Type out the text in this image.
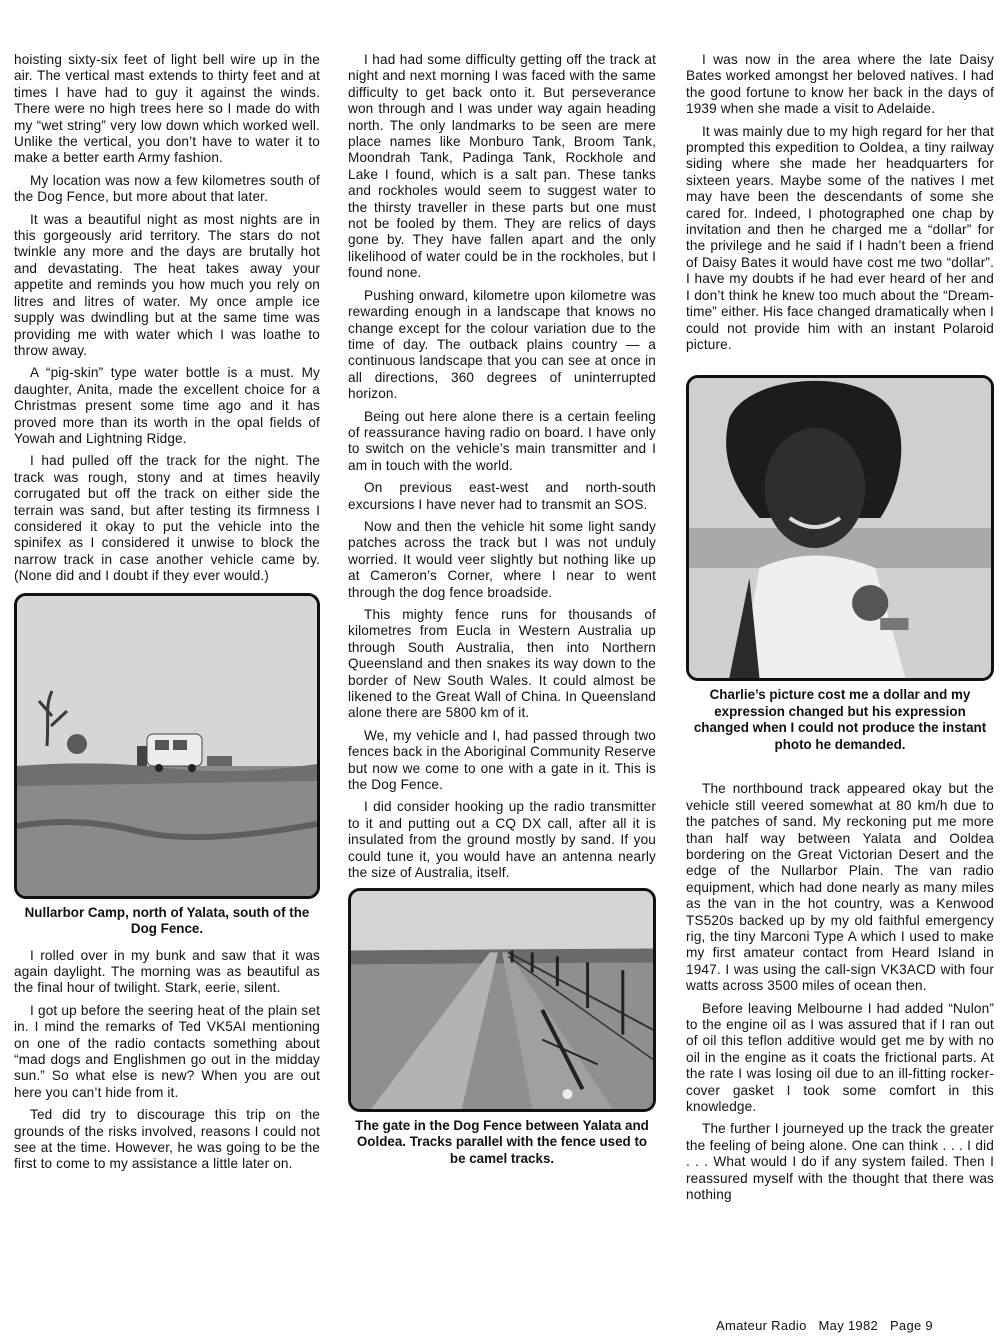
hoisting sixty-six feet of light bell wire up in the air. The vertical mast extends to thirty feet and at times I have had to guy it against the winds. There were no high trees here so I made do with my “wet string” very low down which worked well. Unlike the vertical, you don’t have to water it to make a better earth Army fashion.

My location was now a few kilometres south of the Dog Fence, but more about that later.

It was a beautiful night as most nights are in this gorgeously arid territory. The stars do not twinkle any more and the days are brutally hot and devastating. The heat takes away your appetite and reminds you how much you rely on litres and litres of water. My once ample ice supply was dwindling but at the same time was providing me with water which I was loathe to throw away.

A “pig-skin” type water bottle is a must. My daughter, Anita, made the excellent choice for a Christmas present some time ago and it has proved more than its worth in the opal fields of Yowah and Lightning Ridge.

I had pulled off the track for the night. The track was rough, stony and at times heavily corrugated but off the track on either side the terrain was sand, but after testing its firmness I considered it okay to put the vehicle into the spinifex as I considered it unwise to block the narrow track in case another vehicle came by. (None did and I doubt if they ever would.)

Nullarbor Camp, north of Yalata, south of the Dog Fence.

I rolled over in my bunk and saw that it was again daylight. The morning was as beautiful as the final hour of twilight. Stark, eerie, silent.

I got up before the seering heat of the plain set in. I mind the remarks of Ted VK5AI mentioning on one of the radio contacts something about “mad dogs and Englishmen go out in the midday sun.” So what else is new? When you are out here you can’t hide from it.

Ted did try to discourage this trip on the grounds of the risks involved, reasons I could not see at the time. However, he was going to be the first to come to my assistance a little later on.

I had had some difficulty getting off the track at night and next morning I was faced with the same difficulty to get back onto it. But perseverance won through and I was under way again heading north. The only landmarks to be seen are mere place names like Monburo Tank, Broom Tank, Moondrah Tank, Padinga Tank, Rockhole and Lake I found, which is a salt pan. These tanks and rockholes would seem to suggest water to the thirsty traveller in these parts but one must not be fooled by them. They are relics of days gone by. They have fallen apart and the only likelihood of water could be in the rockholes, but I found none.

Pushing onward, kilometre upon kilometre was rewarding enough in a landscape that knows no change except for the colour variation due to the time of day. The outback plains country — a continuous landscape that you can see at once in all directions, 360 degrees of uninterrupted horizon.

Being out here alone there is a certain feeling of reassurance having radio on board. I have only to switch on the vehicle’s main transmitter and I am in touch with the world.

On previous east-west and north-south excursions I have never had to transmit an SOS.

Now and then the vehicle hit some light sandy patches across the track but I was not unduly worried. It would veer slightly but nothing like up at Cameron’s Corner, where I near to went through the dog fence broadside.

This mighty fence runs for thousands of kilometres from Eucla in Western Australia up through South Australia, then into Northern Queensland and then snakes its way down to the border of New South Wales. It could almost be likened to the Great Wall of China. In Queensland alone there are 5800 km of it.

We, my vehicle and I, had passed through two fences back in the Aboriginal Community Reserve but now we come to one with a gate in it. This is the Dog Fence.

I did consider hooking up the radio transmitter to it and putting out a CQ DX call, after all it is insulated from the ground mostly by sand. If you could tune it, you would have an antenna nearly the size of Australia, itself.

The gate in the Dog Fence between Yalata and Ooldea. Tracks parallel with the fence used to be camel tracks.

I was now in the area where the late Daisy Bates worked amongst her beloved natives. I had the good fortune to know her back in the days of 1939 when she made a visit to Adelaide.

It was mainly due to my high regard for her that prompted this expedition to Ooldea, a tiny railway siding where she made her headquarters for sixteen years. Maybe some of the natives I met may have been the descendants of some she cared for. Indeed, I photographed one chap by invitation and then he charged me a “dollar” for the privilege and he said if I hadn’t been a friend of Daisy Bates it would have cost me two “dollar”. I have my doubts if he had ever heard of her and I don’t think he knew too much about the “Dream-time” either. His face changed dramatically when I could not provide him with an instant Polaroid picture.

Charlie’s picture cost me a dollar and my expression changed but his expression changed when I could not produce the instant photo he demanded.

The northbound track appeared okay but the vehicle still veered somewhat at 80 km/h due to the patches of sand. My reckoning put me more than half way between Yalata and Ooldea bordering on the Great Victorian Desert and the edge of the Nullarbor Plain. The van radio equipment, which had done nearly as many miles as the van in the hot country, was a Kenwood TS520s backed up by my old faithful emergency rig, the tiny Marconi Type A which I used to make my first amateur contact from Heard Island in 1947. I was using the call-sign VK3ACD with four watts across 3500 miles of ocean then.

Before leaving Melbourne I had added “Nulon” to the engine oil as I was assured that if I ran out of oil this teflon additive would get me by with no oil in the engine as it coats the frictional parts. At the rate I was losing oil due to an ill-fitting rocker-cover gasket I took some comfort in this knowledge.

The further I journeyed up the track the greater the feeling of being alone. One can think . . . I did . . . What would I do if any system failed. Then I reassured myself with the thought that there was nothing

Amateur Radio May 1982 Page 9
